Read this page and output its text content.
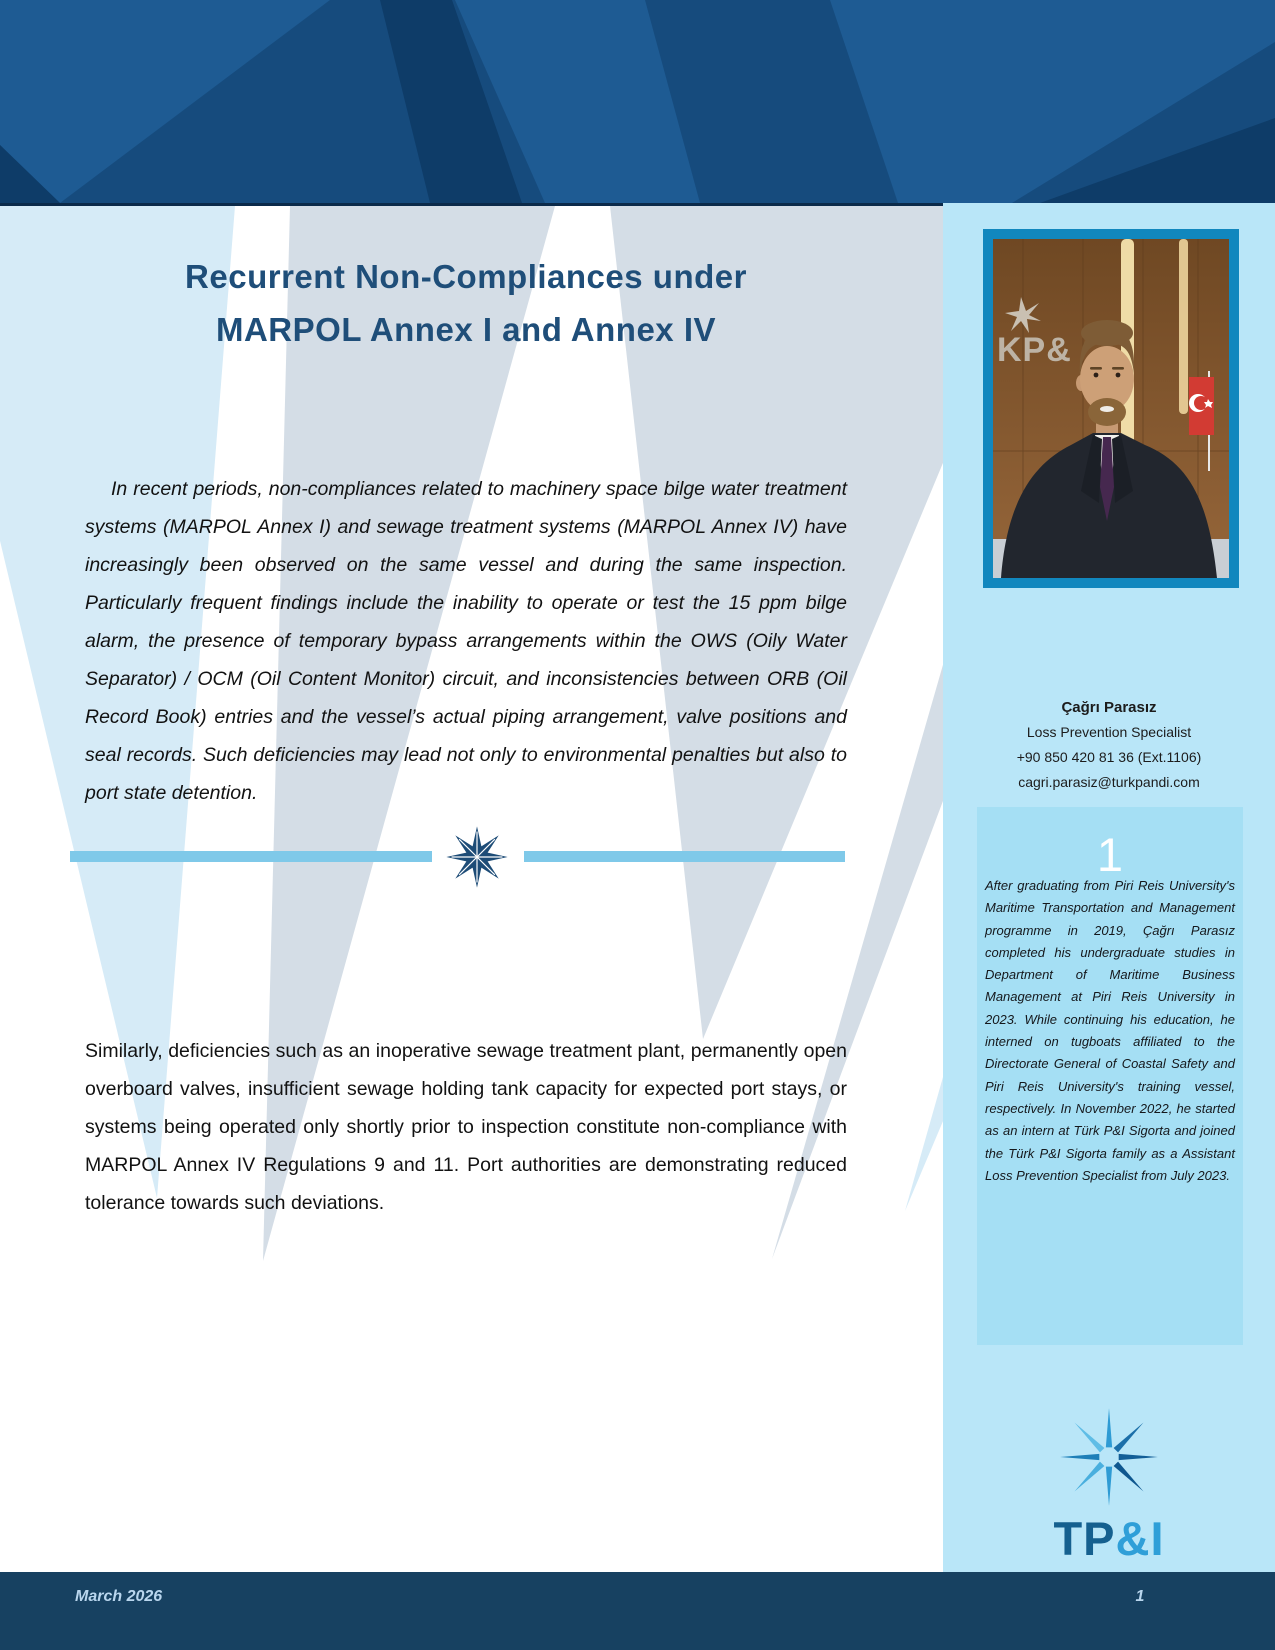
Recurrent Non-Compliances under
MARPOL Annex I and Annex IV

In recent periods, non-compliances related to machinery space bilge water treatment systems (MARPOL Annex I) and sewage treatment systems (MARPOL Annex IV) have increasingly been observed on the same vessel and during the same inspection. Particularly frequent findings include the inability to operate or test the 15 ppm bilge alarm, the presence of temporary bypass arrangements within the OWS (Oily Water Separator) / OCM (Oil Content Monitor) circuit, and inconsistencies between ORB (Oil Record Book) entries and the vessel’s actual piping arrangement, valve positions and seal records. Such deficiencies may lead not only to environmental penalties but also to port state detention.

Similarly, deficiencies such as an inoperative sewage treatment plant, permanently open overboard valves, insufficient sewage holding tank capacity for expected port stays, or systems being operated only shortly prior to inspection constitute non-compliance with MARPOL Annex IV Regulations 9 and 11. Port authorities are demonstrating reduced tolerance towards such deviations.

KP&
Çağrı Parasız
Loss Prevention Specialist
+90 850 420 81 36 (Ext.1106)
cagri.parasiz@turkpandi.com
1
After graduating from Piri Reis University's Maritime Transportation and Management programme in 2019, Çağrı Parasız completed his undergraduate studies in Department of Maritime Business Management at Piri Reis University in 2023. While continuing his education, he interned on tugboats affiliated to the Directorate General of Coastal Safety and Piri Reis University's training vessel, respectively. In November 2022, he started as an intern at Türk P&I Sigorta and joined the Türk P&I Sigorta family as a Assistant Loss Prevention Specialist from July 2023.
TP&I
March 2026	1
